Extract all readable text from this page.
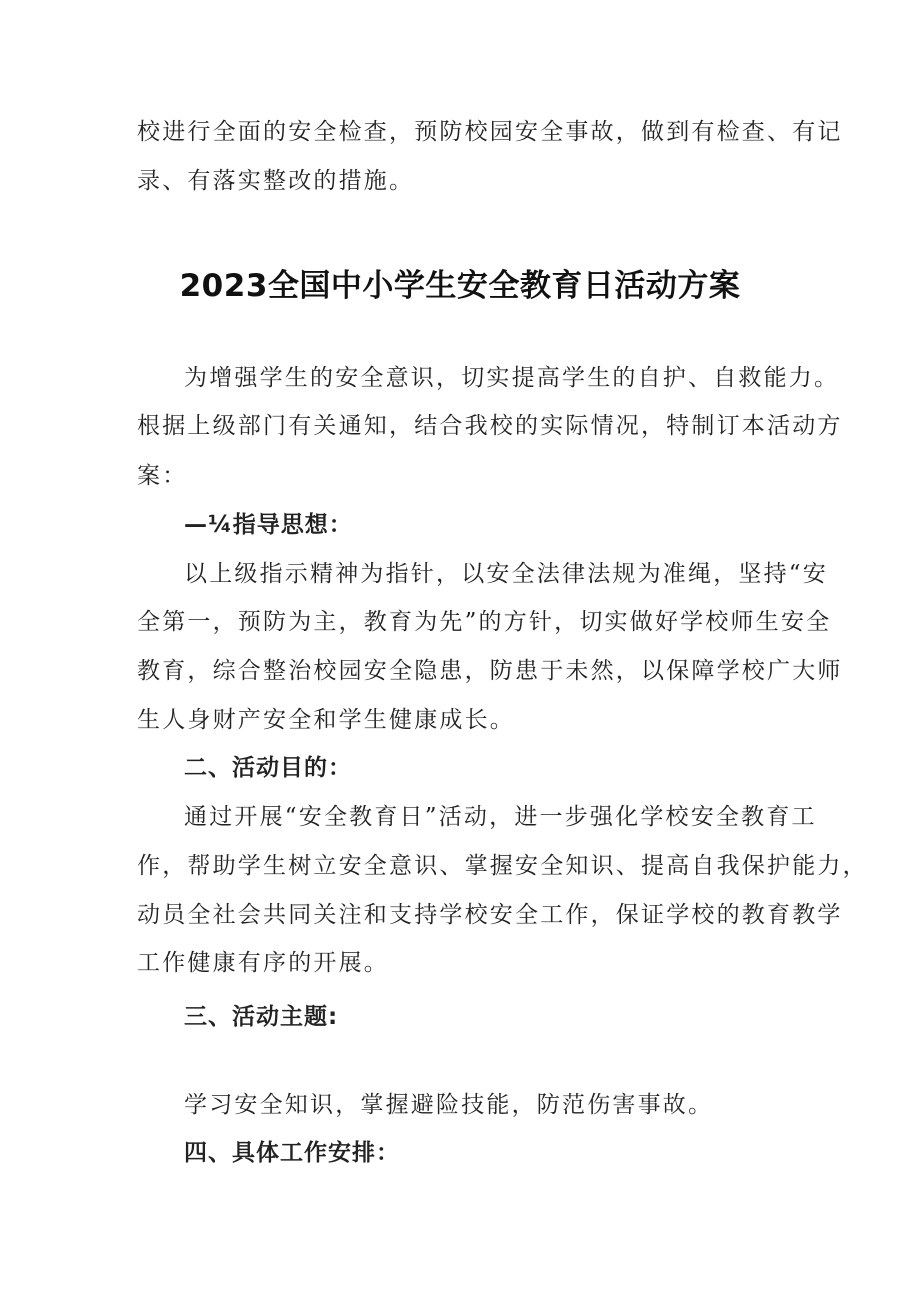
校进行全面的安全检查，预防校园安全事故，做到有检查、有记
录、有落实整改的措施。
2023全国中小学生安全教育日活动方案
为增强学生的安全意识，切实提高学生的自护、自救能力。
根据上级部门有关通知，结合我校的实际情况，特制订本活动方
案：
—¼指导思想：
以上级指示精神为指针，以安全法律法规为准绳，坚持“安
全第一，预防为主，教育为先”的方针，切实做好学校师生安全
教育，综合整治校园安全隐患，防患于未然，以保障学校广大师
生人身财产安全和学生健康成长。
二、活动目的：
通过开展“安全教育日”活动，进一步强化学校安全教育工
作，帮助学生树立安全意识、掌握安全知识、提高自我保护能力，
动员全社会共同关注和支持学校安全工作，保证学校的教育教学
工作健康有序的开展。
三、活动主题:
学习安全知识，掌握避险技能，防范伤害事故。
四、具体工作安排：
